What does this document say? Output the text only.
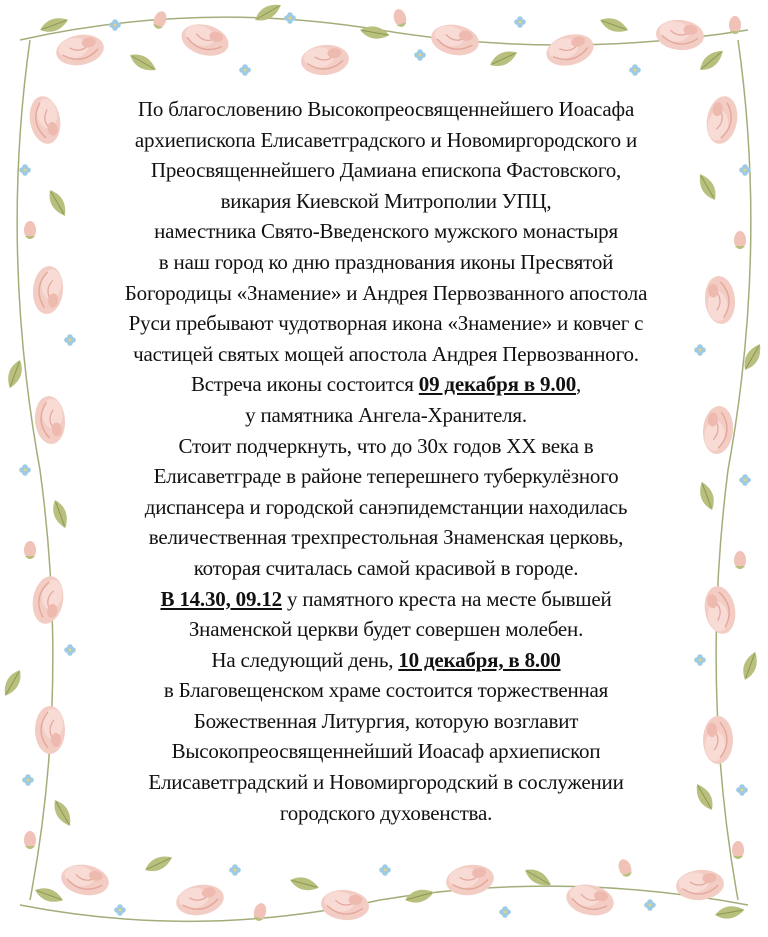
По благословению Высокопреосвященнейшего Иоасафа
архиепископа Елисаветградского и Новомиргородского и
Преосвященнейшего Дамиана епископа Фастовского,
викария Киевской Митрополии УПЦ,
наместника Свято-Введенского мужского монастыря
в наш город ко дню празднования иконы Пресвятой
Богородицы «Знамение» и Андрея Первозванного апостола
Руси пребывают чудотворная икона «Знамение» и ковчег с
частицей святых мощей апостола Андрея Первозванного.
Встреча иконы состоится 09 декабря в 9.00,
у памятника Ангела-Хранителя.
Стоит подчеркнуть, что до 30х годов XX века в
Елисаветграде в районе теперешнего туберкулёзного
диспансера и городской санэпидемстанции находилась
величественная трехпрестольная Знаменская церковь,
которая считалась самой красивой в городе.
В 14.30, 09.12 у памятного креста на месте бывшей
Знаменской церкви будет совершен молебен.
На следующий день, 10 декабря, в 8.00
в Благовещенском храме состоится торжественная
Божественная Литургия, которую возглавит
Высокопреосвященнейший Иоасаф архиепископ
Елисаветградский и Новомиргородский в сослужении
городского духовенства.
